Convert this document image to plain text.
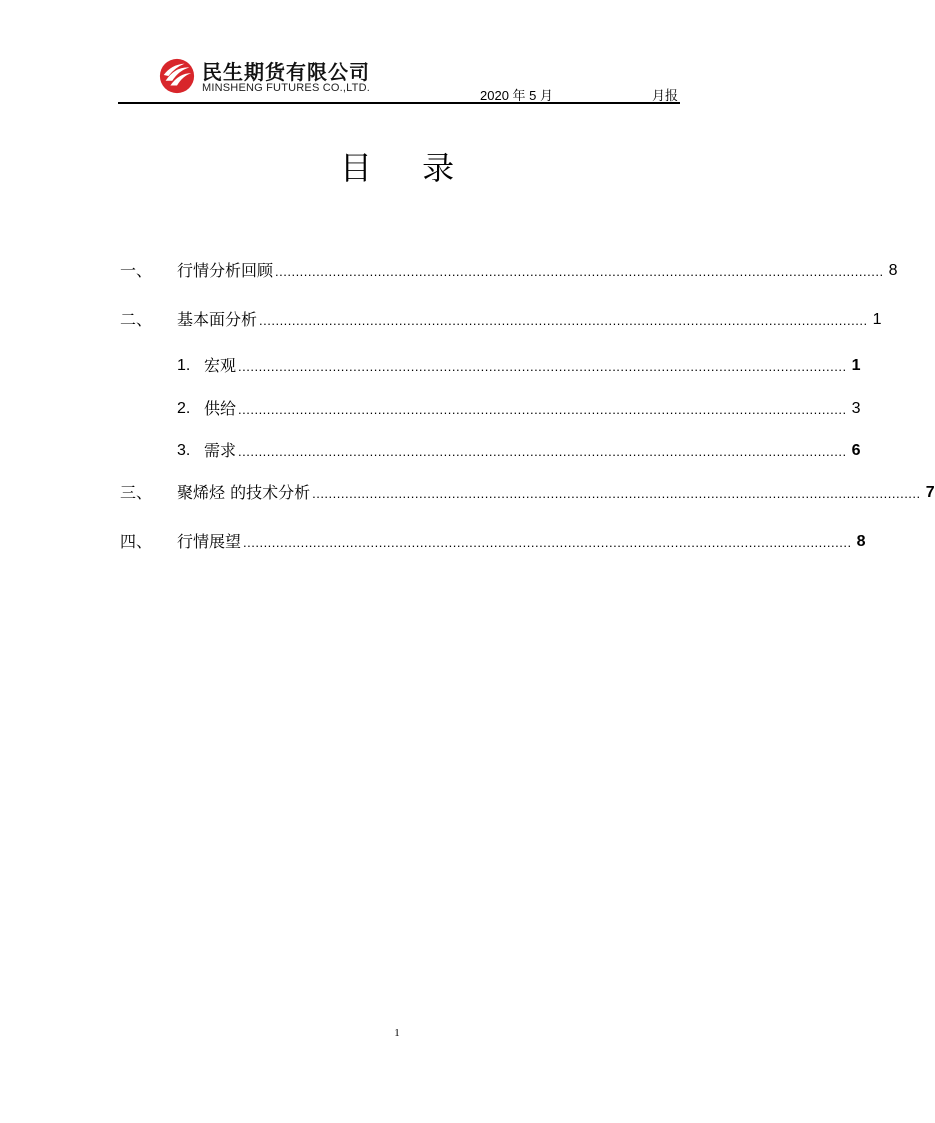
民生期货有限公司
MINSHENG FUTURES CO.,LTD.	2020 年 5 月	月报
目 录
一、	行情分析回顾 .................................................................................................................................................... 8
二、	基本面分析 .................................................................................................................................................... 1
1. 宏观 .................................................................................................................................................... 1
2. 供给 .................................................................................................................................................... 3
3. 需求 .................................................................................................................................................... 6
三、	聚烯烃 的技术分析 .................................................................................................................................................... 7
四、	行情展望 .................................................................................................................................................... 8
1
